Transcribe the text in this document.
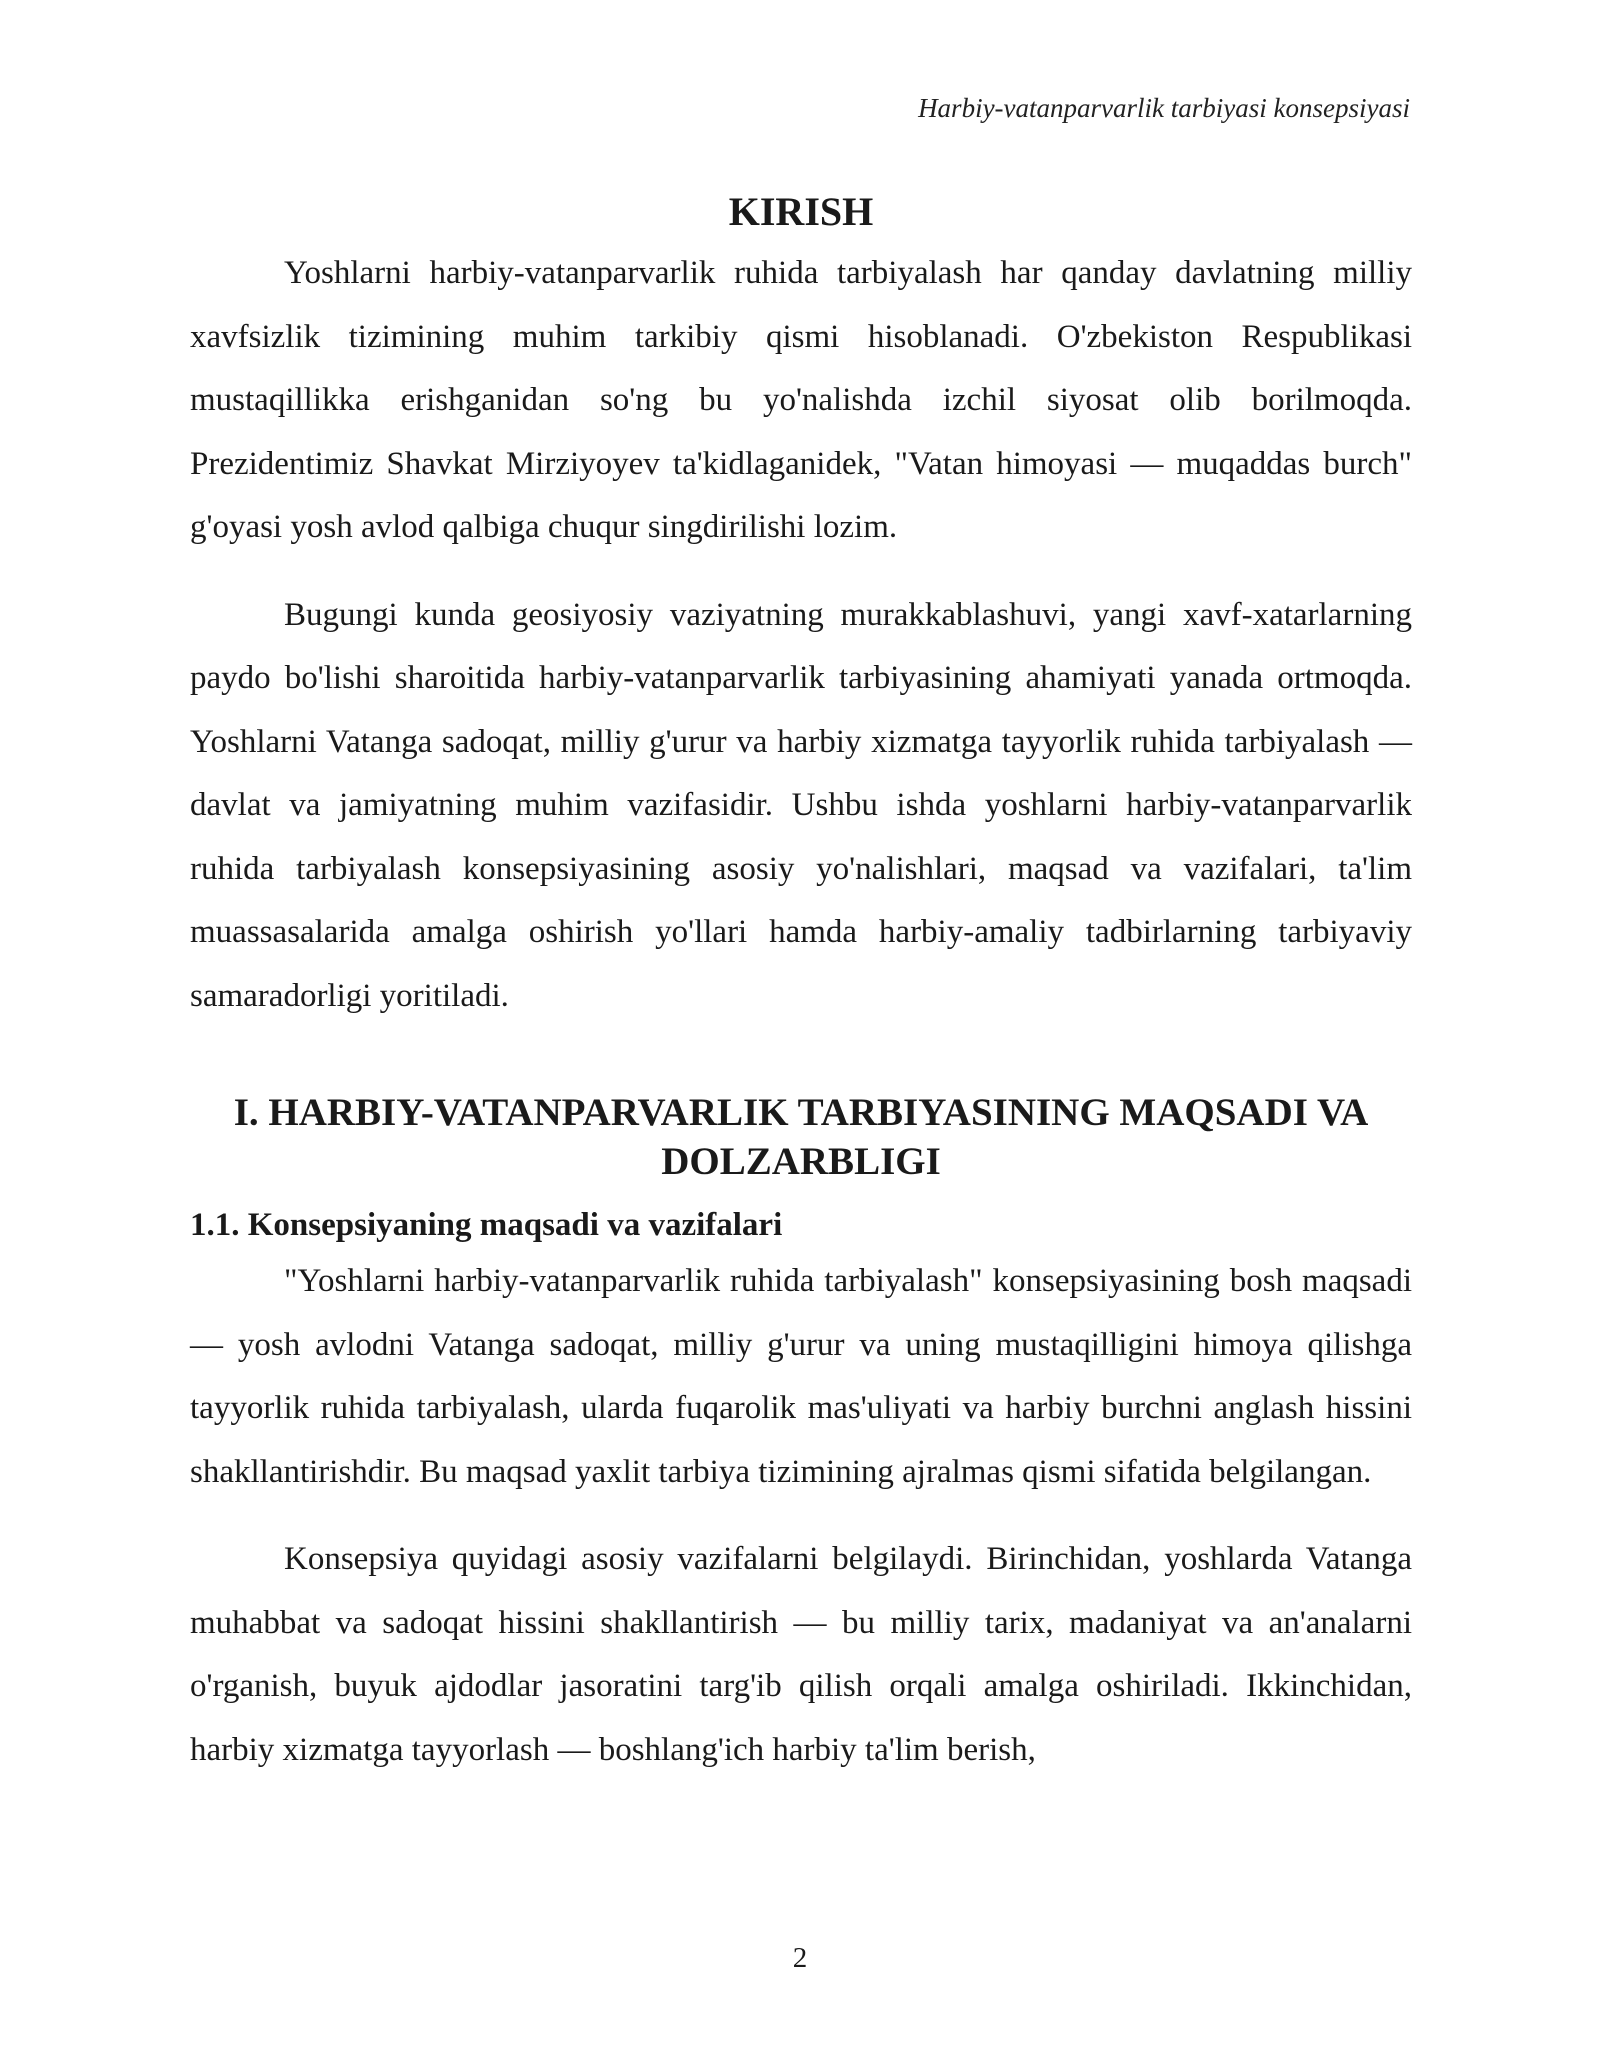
Harbiy-vatanparvarlik tarbiyasi konsepsiyasi

KIRISH

Yoshlarni harbiy-vatanparvarlik ruhida tarbiyalash har qanday davlatning milliy xavfsizlik tizimining muhim tarkibiy qismi hisoblanadi. O'zbekiston Respublikasi mustaqillikka erishganidan so'ng bu yo'nalishda izchil siyosat olib borilmoqda. Prezidentimiz Shavkat Mirziyoyev ta'kidlaganidek, "Vatan himoyasi — muqaddas burch" g'oyasi yosh avlod qalbiga chuqur singdirilishi lozim.

Bugungi kunda geosiyosiy vaziyatning murakkablashuvi, yangi xavf-xatarlarning paydo bo'lishi sharoitida harbiy-vatanparvarlik tarbiyasining ahamiyati yanada ortmoqda. Yoshlarni Vatanga sadoqat, milliy g'urur va harbiy xizmatga tayyorlik ruhida tarbiyalash — davlat va jamiyatning muhim vazifasidir. Ushbu ishda yoshlarni harbiy-vatanparvarlik ruhida tarbiyalash konsepsiyasining asosiy yo'nalishlari, maqsad va vazifalari, ta'lim muassasalarida amalga oshirish yo'llari hamda harbiy-amaliy tadbirlarning tarbiyaviy samaradorligi yoritiladi.

I. HARBIY-VATANPARVARLIK TARBIYASINING MAQSADI VA DOLZARBLIGI
1.1. Konsepsiyaning maqsadi va vazifalari

"Yoshlarni harbiy-vatanparvarlik ruhida tarbiyalash" konsepsiyasining bosh maqsadi — yosh avlodni Vatanga sadoqat, milliy g'urur va uning mustaqilligini himoya qilishga tayyorlik ruhida tarbiyalash, ularda fuqarolik mas'uliyati va harbiy burchni anglash hissini shakllantirishdir. Bu maqsad yaxlit tarbiya tizimining ajralmas qismi sifatida belgilangan.

Konsepsiya quyidagi asosiy vazifalarni belgilaydi. Birinchidan, yoshlarda Vatanga muhabbat va sadoqat hissini shakllantirish — bu milliy tarix, madaniyat va an'analarni o'rganish, buyuk ajdodlar jasoratini targ'ib qilish orqali amalga oshiriladi. Ikkinchidan, harbiy xizmatga tayyorlash — boshlang'ich harbiy ta'lim berish,

2
